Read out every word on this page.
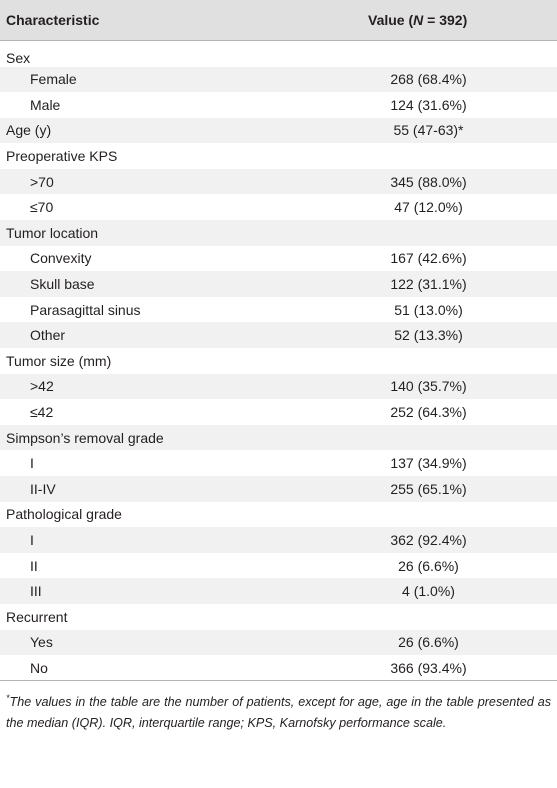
Characteristic	Value (N = 392)
Sex	
Female	268 (68.4%)
Male	124 (31.6%)
Age (y)	55 (47-63)*
Preoperative KPS	
>70	345 (88.0%)
≤70	47 (12.0%)
Tumor location	
Convexity	167 (42.6%)
Skull base	122 (31.1%)
Parasagittal sinus	51 (13.0%)
Other	52 (13.3%)
Tumor size (mm)	
>42	140 (35.7%)
≤42	252 (64.3%)
Simpson’s removal grade	
I	137 (34.9%)
II-IV	255 (65.1%)
Pathological grade	
I	362 (92.4%)
II	26 (6.6%)
III	4 (1.0%)
Recurrent	
Yes	26 (6.6%)
No	366 (93.4%)
*The values in the table are the number of patients, except for age, age in the table presented as the median (IQR). IQR, interquartile range; KPS, Karnofsky performance scale.
